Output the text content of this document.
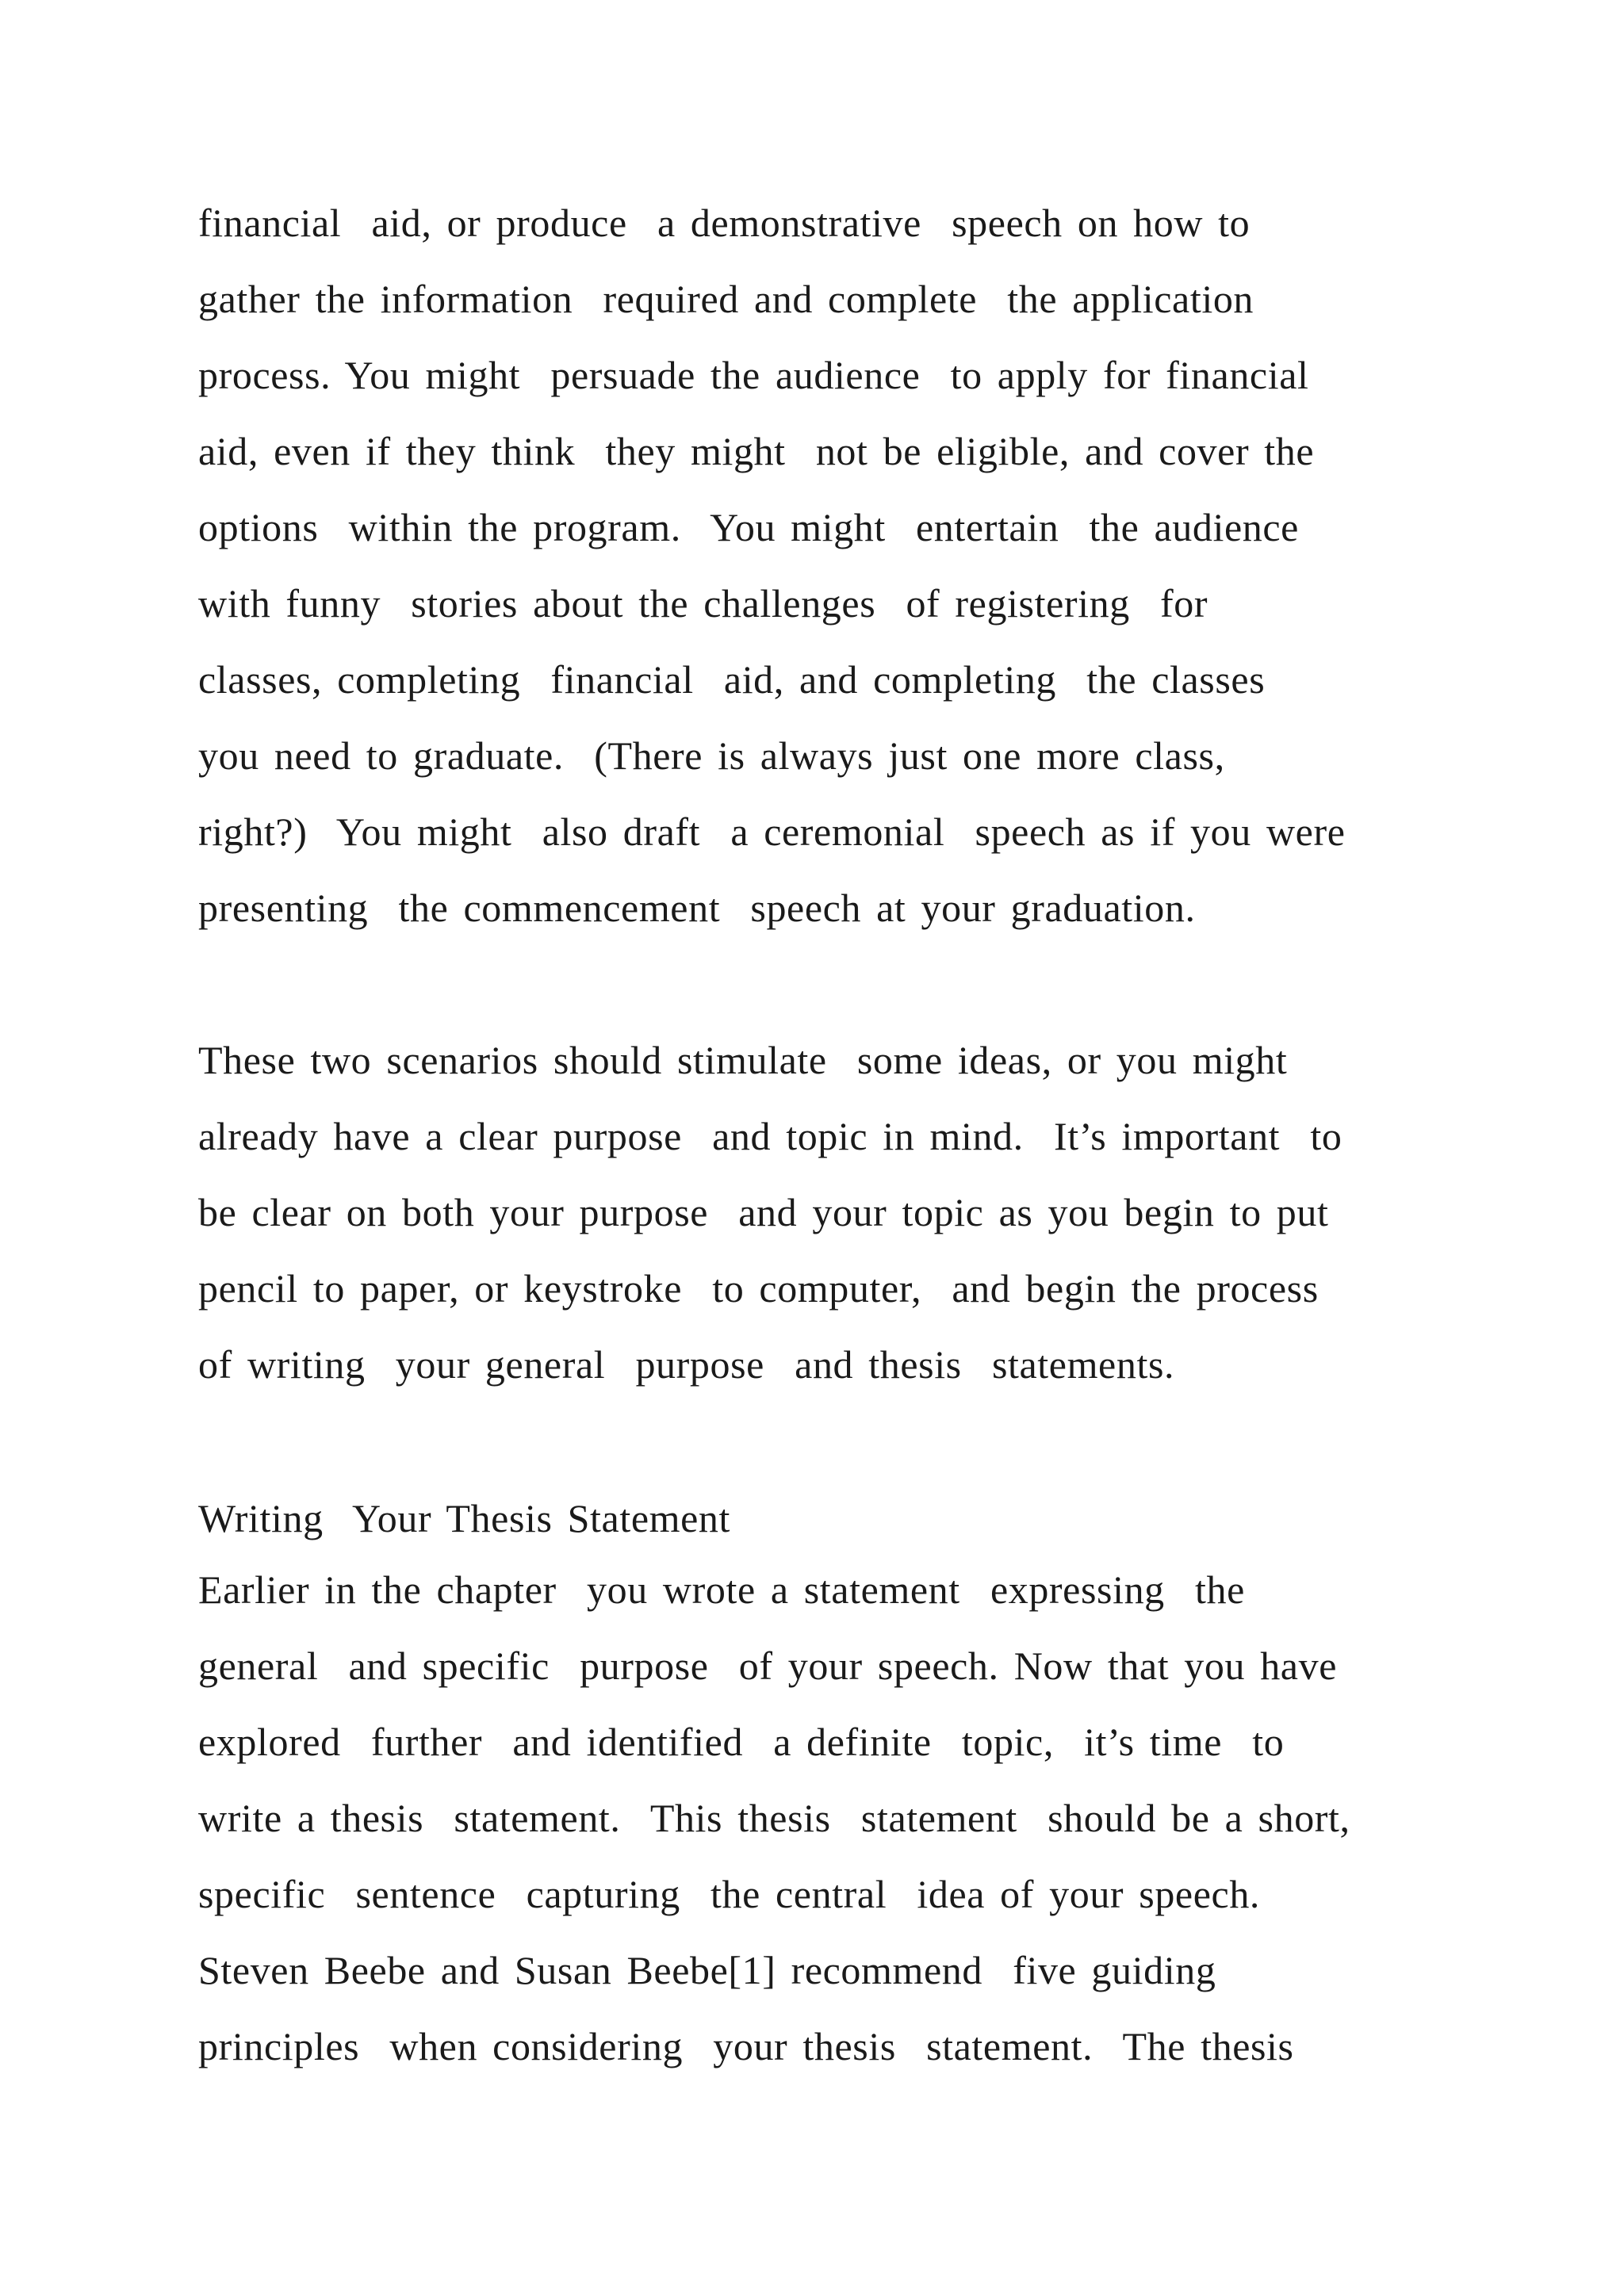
financial  aid, or produce  a demonstrative  speech on how to
gather the information  required and complete  the application
process. You might  persuade the audience  to apply for financial
aid, even if they think  they might  not be eligible, and cover the
options  within the program.  You might  entertain  the audience
with funny  stories about the challenges  of registering  for
classes, completing  financial  aid, and completing  the classes
you need to graduate.  (There is always just one more class,
right?)  You might  also draft  a ceremonial  speech as if you were
presenting  the commencement  speech at your graduation.
These two scenarios should stimulate  some ideas, or you might
already have a clear purpose  and topic in mind.  It’s important  to
be clear on both your purpose  and your topic as you begin to put
pencil to paper, or keystroke  to computer,  and begin the process
of writing  your general  purpose  and thesis  statements.
Writing  Your Thesis Statement
Earlier in the chapter  you wrote a statement  expressing  the
general  and specific  purpose  of your speech. Now that you have
explored  further  and identified  a definite  topic,  it’s time  to
write a thesis  statement.  This thesis  statement  should be a short,
specific  sentence  capturing  the central  idea of your speech.
Steven Beebe and Susan Beebe[1] recommend  five guiding
principles  when considering  your thesis  statement.  The thesis
